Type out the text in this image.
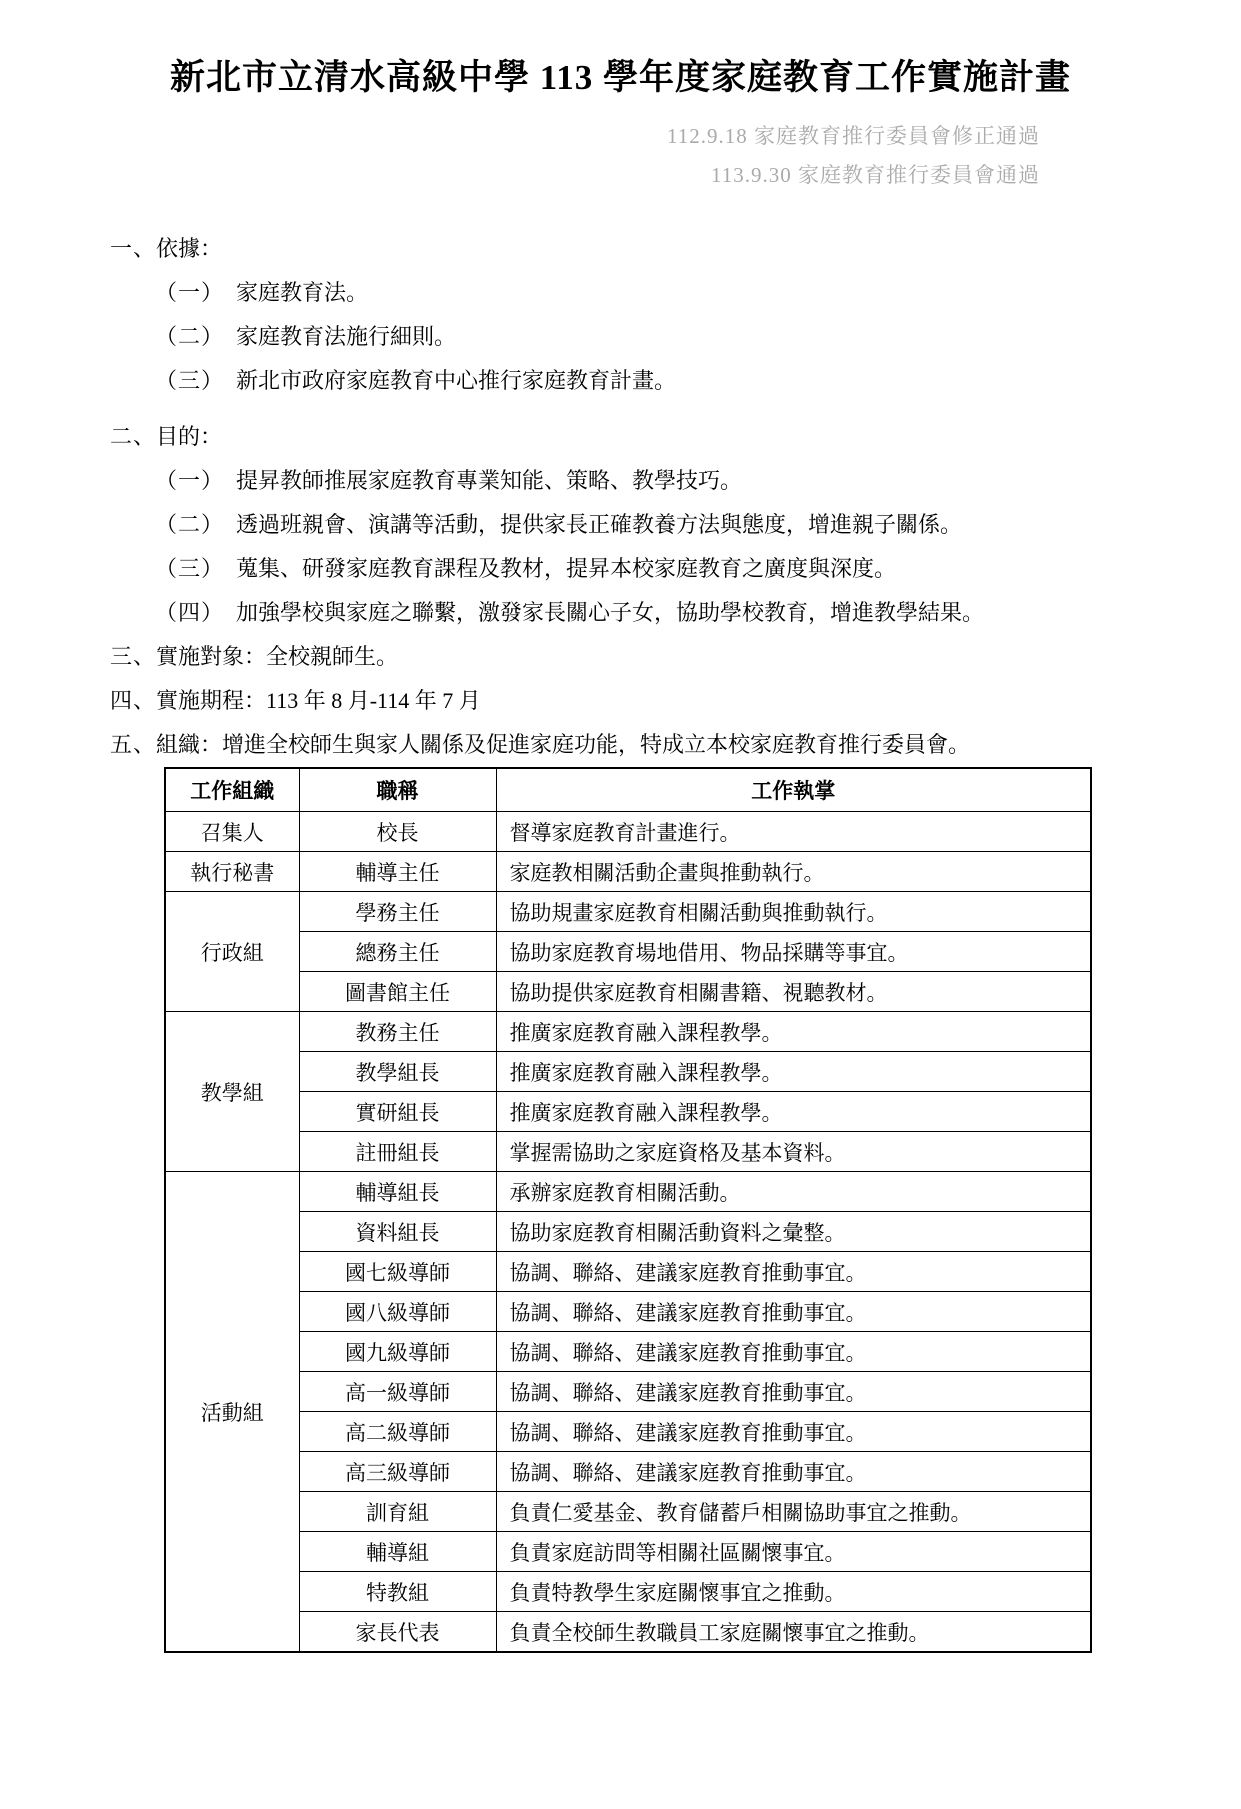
新北市立清水高級中學 113 學年度家庭教育工作實施計畫
112.9.18 家庭教育推行委員會修正通過
113.9.30 家庭教育推行委員會通過
一、 依據：
（一） 家庭教育法。
（二） 家庭教育法施行細則。
（三） 新北市政府家庭教育中心推行家庭教育計畫。
二、 目的：
（一） 提昇教師推展家庭教育專業知能、策略、教學技巧。
（二） 透過班親會、演講等活動，提供家長正確教養方法與態度，增進親子關係。
（三） 蒐集、研發家庭教育課程及教材，提昇本校家庭教育之廣度與深度。
（四） 加強學校與家庭之聯繫，激發家長關心子女，協助學校教育，增進教學結果。
三、 實施對象：全校親師生。
四、 實施期程：113 年 8 月-114 年 7 月
五、 組織：增進全校師生與家人關係及促進家庭功能，特成立本校家庭教育推行委員會。
工作組織	職稱	工作執掌
召集人	校長	督導家庭教育計畫進行。
執行秘書	輔導主任	家庭教相關活動企畫與推動執行。
行政組	學務主任	協助規畫家庭教育相關活動與推動執行。
	總務主任	協助家庭教育場地借用、物品採購等事宜。
	圖書館主任	協助提供家庭教育相關書籍、視聽教材。
教學組	教務主任	推廣家庭教育融入課程教學。
	教學組長	推廣家庭教育融入課程教學。
	實研組長	推廣家庭教育融入課程教學。
	註冊組長	掌握需協助之家庭資格及基本資料。
活動組	輔導組長	承辦家庭教育相關活動。
	資料組長	協助家庭教育相關活動資料之彙整。
	國七級導師	協調、聯絡、建議家庭教育推動事宜。
	國八級導師	協調、聯絡、建議家庭教育推動事宜。
	國九級導師	協調、聯絡、建議家庭教育推動事宜。
	高一級導師	協調、聯絡、建議家庭教育推動事宜。
	高二級導師	協調、聯絡、建議家庭教育推動事宜。
	高三級導師	協調、聯絡、建議家庭教育推動事宜。
	訓育組	負責仁愛基金、教育儲蓄戶相關協助事宜之推動。
	輔導組	負責家庭訪問等相關社區關懷事宜。
	特教組	負責特教學生家庭關懷事宜之推動。
	家長代表	負責全校師生教職員工家庭關懷事宜之推動。
